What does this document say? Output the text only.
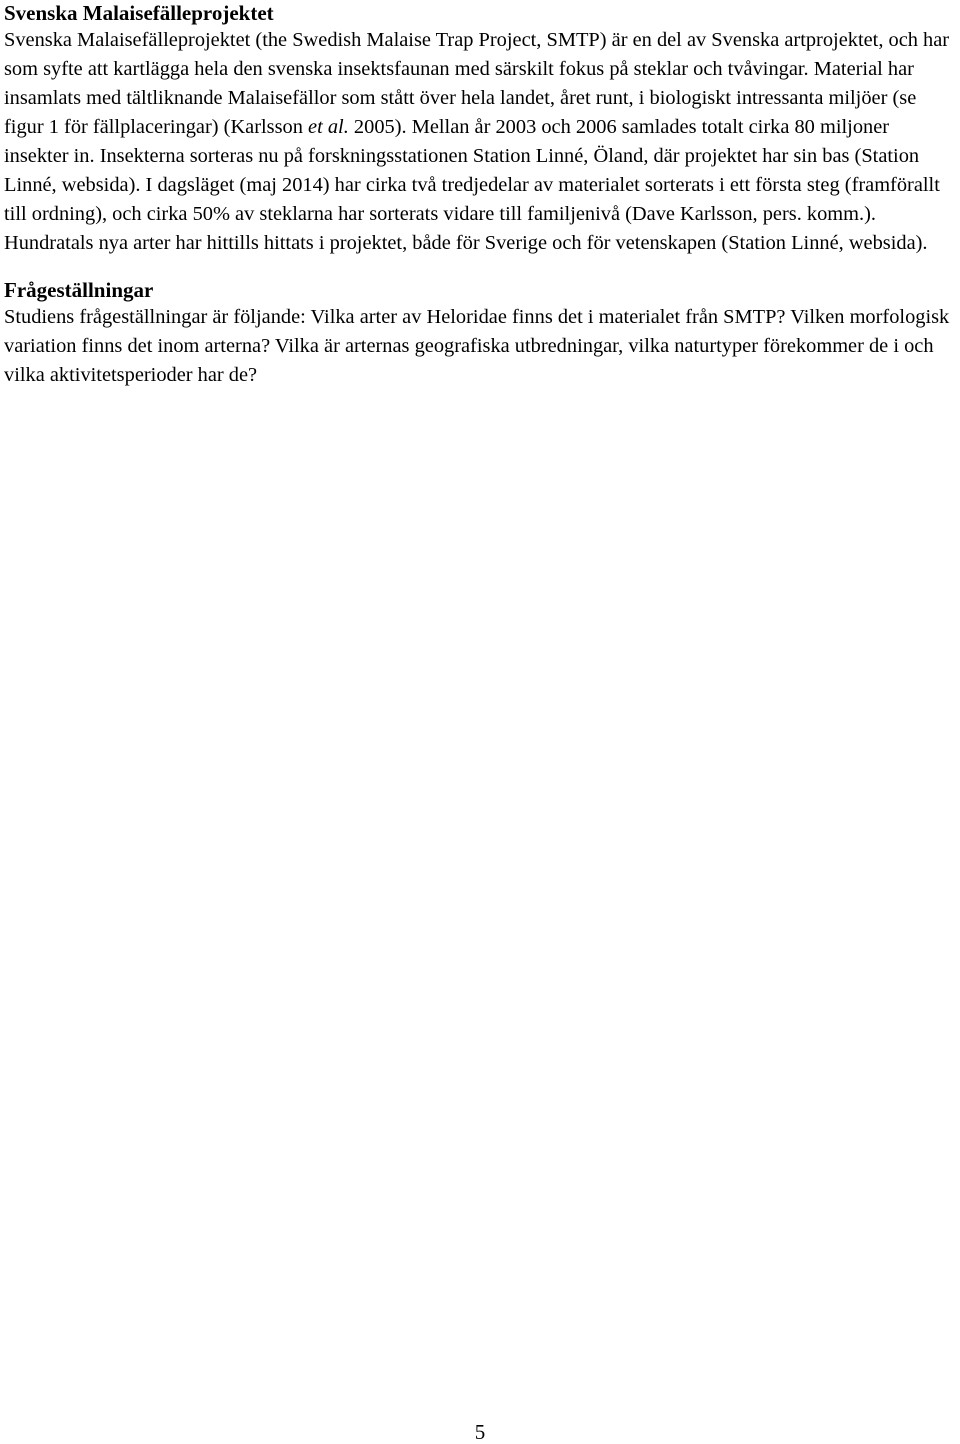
Svenska Malaisefälleprojektet

Svenska Malaisefälleprojektet (the Swedish Malaise Trap Project, SMTP) är en del av Svenska artprojektet, och har som syfte att kartlägga hela den svenska insektsfaunan med särskilt fokus på steklar och tvåvingar. Material har insamlats med tältliknande Malaisefällor som stått över hela landet, året runt, i biologiskt intressanta miljöer (se figur 1 för fällplaceringar) (Karlsson et al. 2005). Mellan år 2003 och 2006 samlades totalt cirka 80 miljoner insekter in. Insekterna sorteras nu på forskningsstationen Station Linné, Öland, där projektet har sin bas (Station Linné, websida). I dagsläget (maj 2014) har cirka två tredjedelar av materialet sorterats i ett första steg (framförallt till ordning), och cirka 50% av steklarna har sorterats vidare till familjenivå (Dave Karlsson, pers. komm.). Hundratals nya arter har hittills hittats i projektet, både för Sverige och för vetenskapen (Station Linné, websida).

Frågeställningar

Studiens frågeställningar är följande: Vilka arter av Heloridae finns det i materialet från SMTP? Vilken morfologisk variation finns det inom arterna? Vilka är arternas geografiska utbredningar, vilka naturtyper förekommer de i och vilka aktivitetsperioder har de?

5
